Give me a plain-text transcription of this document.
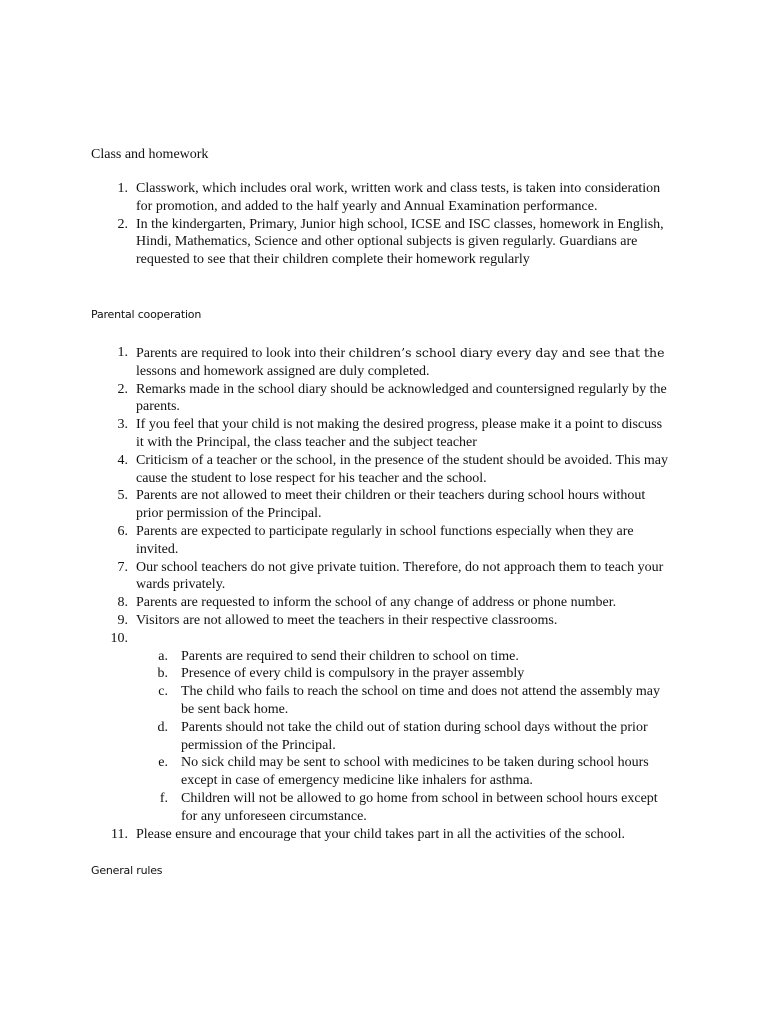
Class and homework
1. Classwork, which includes oral work, written work and class tests, is taken into consideration for promotion, and added to the half yearly and Annual Examination performance.
2. In the kindergarten, Primary, Junior high school, ICSE and ISC classes, homework in English, Hindi, Mathematics, Science and other optional subjects is given regularly. Guardians are requested to see that their children complete their homework regularly
Parental cooperation
1. Parents are required to look into their children’s school diary every day and see that the lessons and homework assigned are duly completed.
2. Remarks made in the school diary should be acknowledged and countersigned regularly by the parents.
3. If you feel that your child is not making the desired progress, please make it a point to discuss it with the Principal, the class teacher and the subject teacher
4. Criticism of a teacher or the school, in the presence of the student should be avoided. This may cause the student to lose respect for his teacher and the school.
5. Parents are not allowed to meet their children or their teachers during school hours without prior permission of the Principal.
6. Parents are expected to participate regularly in school functions especially when they are invited.
7. Our school teachers do not give private tuition. Therefore, do not approach them to teach your wards privately.
8. Parents are requested to inform the school of any change of address or phone number.
9. Visitors are not allowed to meet the teachers in their respective classrooms.
10.

a. Parents are required to send their children to school on time.
b. Presence of every child is compulsory in the prayer assembly
c. The child who fails to reach the school on time and does not attend the assembly may be sent back home.
d. Parents should not take the child out of station during school days without the prior permission of the Principal.
e. No sick child may be sent to school with medicines to be taken during school hours except in case of emergency medicine like inhalers for asthma.
f. Children will not be allowed to go home from school in between school hours except for any unforeseen circumstance.
11. Please ensure and encourage that your child takes part in all the activities of the school.
General rules
